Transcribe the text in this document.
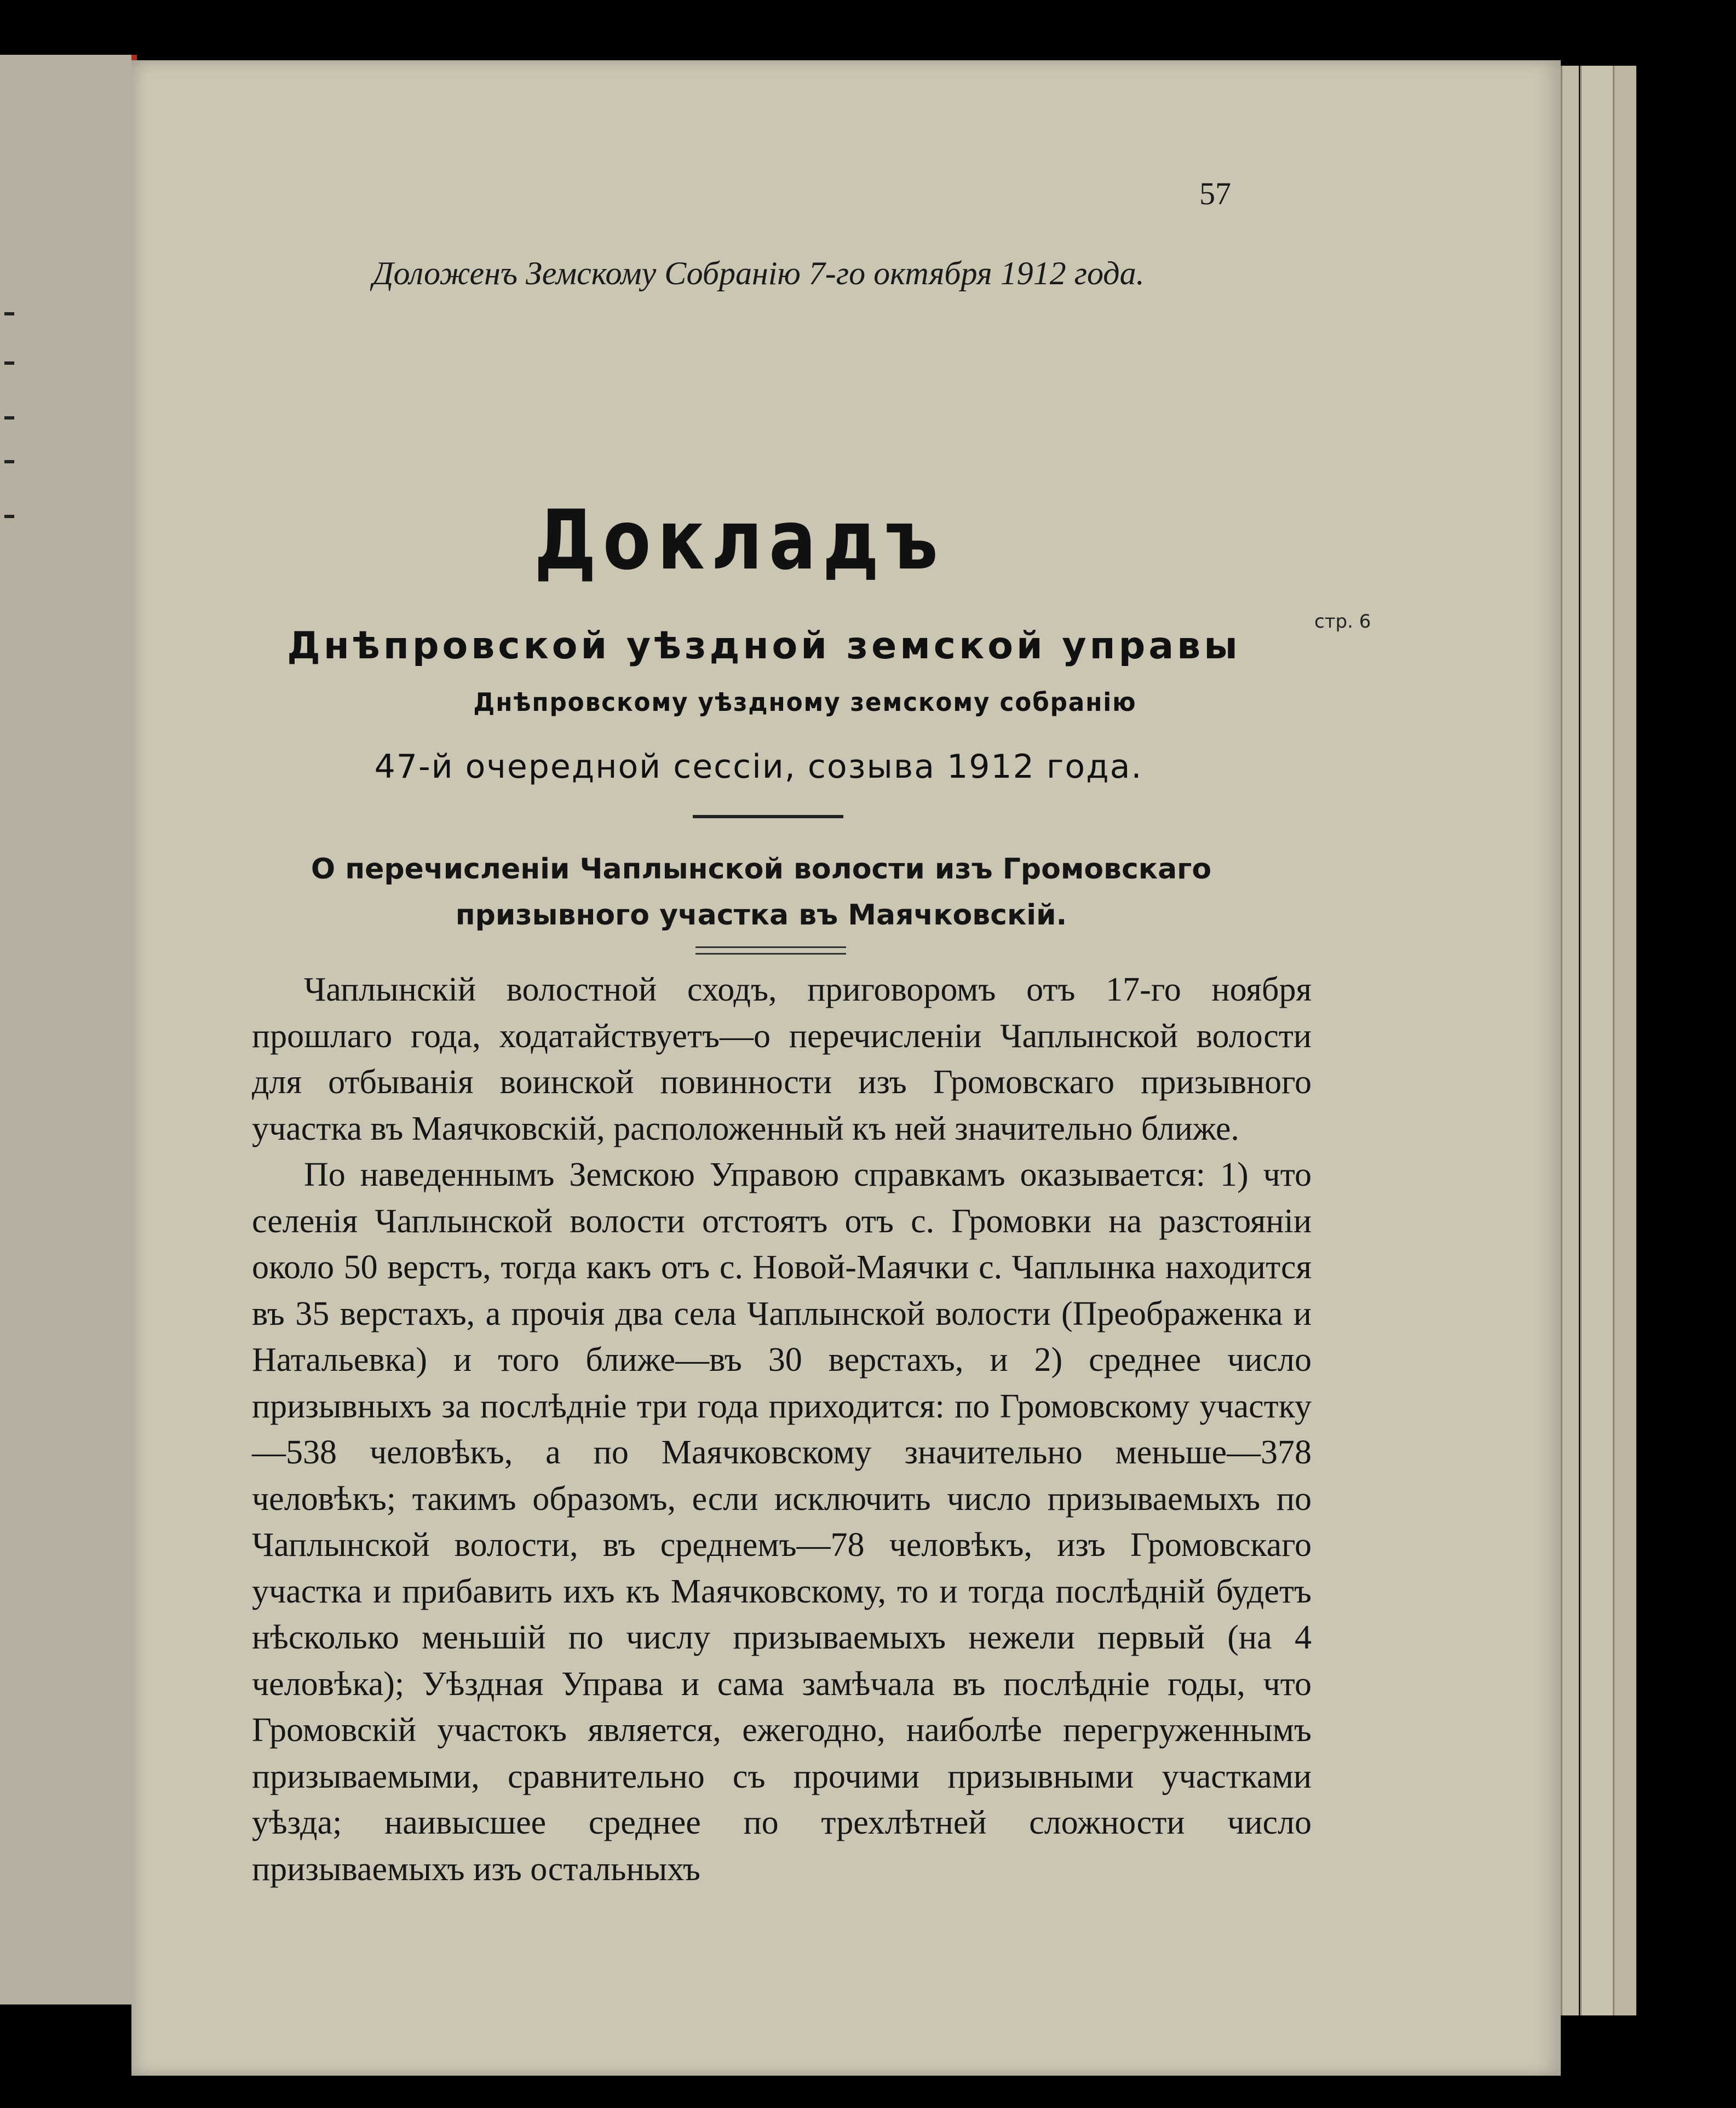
57
Доложенъ Земскому Собранію 7-го октября 1912 года.
Докладъ
Днѣпровской уѣздной земской управы
стр. 6
Днѣпровскому уѣздному земскому собранію
47-й очередной сессіи, созыва 1912 года.
О перечисленіи Чаплынской волости изъ Громовскаго
призывного участка въ Маячковскій.

Чаплынскій волостной сходъ, приговоромъ отъ 17-го ноября прошлаго года, ходатайствуетъ—о перечисленіи Чаплынской волости для отбыванія воинской повинности изъ Громовскаго призывного участка въ Маячковскій, расположенный къ ней значительно ближе.

По наведеннымъ Земскою Управою справкамъ оказывается: 1) что селенія Чаплынской волости отстоятъ отъ с. Громовки на разстояніи около 50 верстъ, тогда какъ отъ с. Новой-Маячки с. Чаплынка находится въ 35 верстахъ, а прочія два села Чаплынской волости (Преображенка и Натальевка) и того ближе—въ 30 верстахъ, и 2) среднее число призывныхъ за послѣдніе три года приходится: по Громовскому участку—538 человѣкъ, а по Маячковскому значительно меньше—378 человѣкъ; такимъ образомъ, если исключить число призываемыхъ по Чаплынской волости, въ среднемъ—78 человѣкъ, изъ Громовскаго участка и прибавить ихъ къ Маячковскому, то и тогда послѣдній будетъ нѣсколько меньшій по числу призываемыхъ нежели первый (на 4 человѣка); Уѣздная Управа и сама замѣчала въ послѣдніе годы, что Громовскій участокъ является, ежегодно, наиболѣе перегруженнымъ призываемыми, сравнительно съ прочими призывными участками уѣзда; наивысшее среднее по трехлѣтней сложности число призываемыхъ изъ остальныхъ
